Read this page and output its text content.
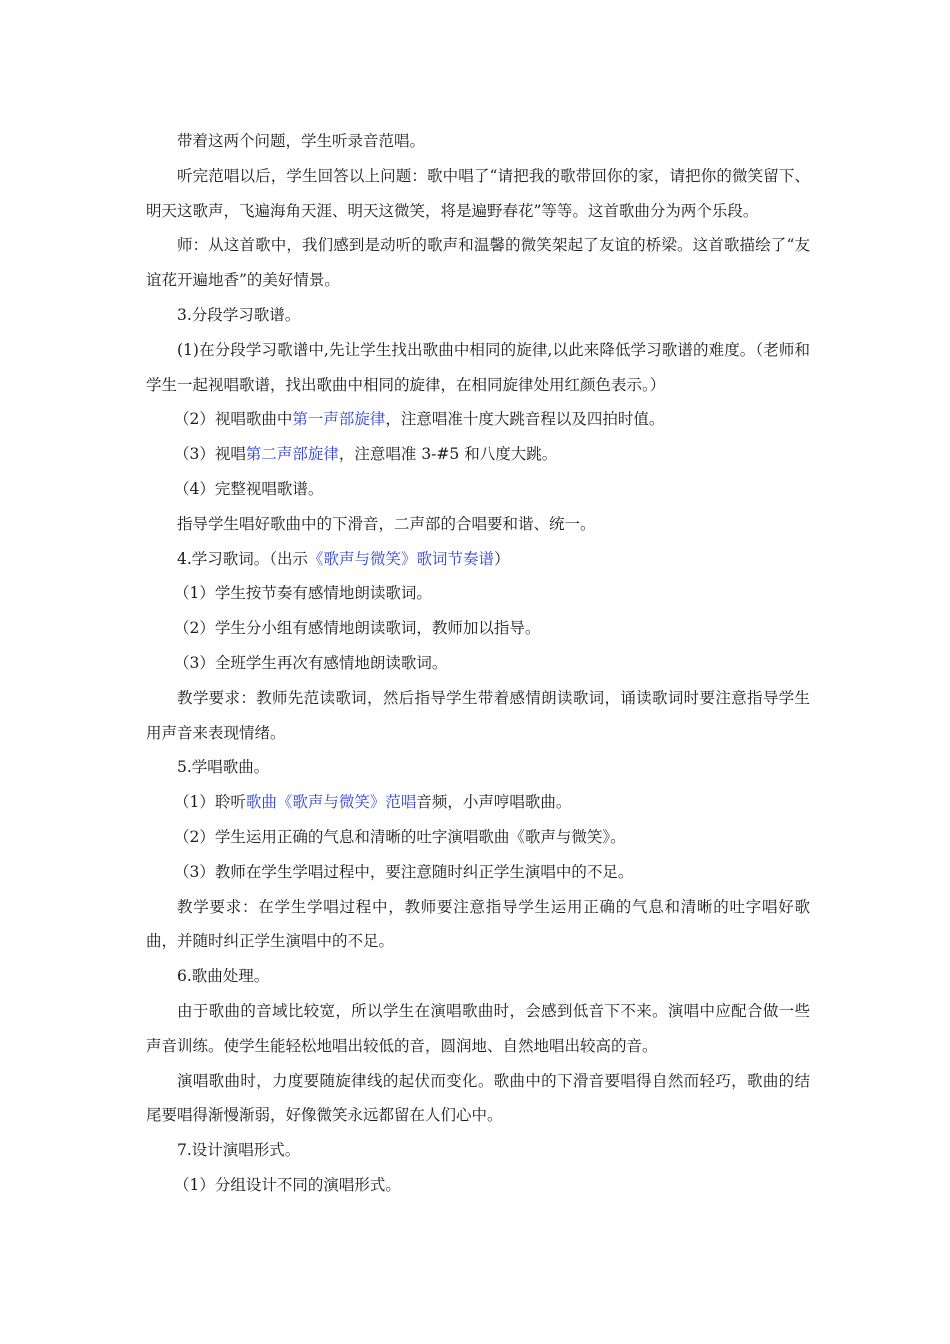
带着这两个问题，学生听录音范唱。

听完范唱以后，学生回答以上问题：歌中唱了“请把我的歌带回你的家，请把你的微笑留下、明天这歌声，飞遍海角天涯、明天这微笑，将是遍野春花”等等。这首歌曲分为两个乐段。

师：从这首歌中，我们感到是动听的歌声和温馨的微笑架起了友谊的桥梁。这首歌描绘了“友谊花开遍地香”的美好情景。

3.分段学习歌谱。

(1)在分段学习歌谱中,先让学生找出歌曲中相同的旋律,以此来降低学习歌谱的难度。（老师和学生一起视唱歌谱，找出歌曲中相同的旋律，在相同旋律处用红颜色表示。）

（2）视唱歌曲中第一声部旋律，注意唱准十度大跳音程以及四拍时值。

（3）视唱第二声部旋律，注意唱准 3-#5 和八度大跳。

（4）完整视唱歌谱。

指导学生唱好歌曲中的下滑音，二声部的合唱要和谐、统一。

4.学习歌词。（出示《歌声与微笑》歌词节奏谱）

（1）学生按节奏有感情地朗读歌词。

（2）学生分小组有感情地朗读歌词，教师加以指导。

（3）全班学生再次有感情地朗读歌词。

教学要求：教师先范读歌词，然后指导学生带着感情朗读歌词，诵读歌词时要注意指导学生用声音来表现情绪。

5.学唱歌曲。

（1）聆听歌曲《歌声与微笑》范唱音频，小声哼唱歌曲。

（2）学生运用正确的气息和清晰的吐字演唱歌曲《歌声与微笑》。

（3）教师在学生学唱过程中，要注意随时纠正学生演唱中的不足。

教学要求：在学生学唱过程中，教师要注意指导学生运用正确的气息和清晰的吐字唱好歌曲，并随时纠正学生演唱中的不足。

6.歌曲处理。

由于歌曲的音域比较宽，所以学生在演唱歌曲时，会感到低音下不来。演唱中应配合做一些声音训练。使学生能轻松地唱出较低的音，圆润地、自然地唱出较高的音。

演唱歌曲时，力度要随旋律线的起伏而变化。歌曲中的下滑音要唱得自然而轻巧，歌曲的结尾要唱得渐慢渐弱，好像微笑永远都留在人们心中。

7.设计演唱形式。

（1）分组设计不同的演唱形式。
